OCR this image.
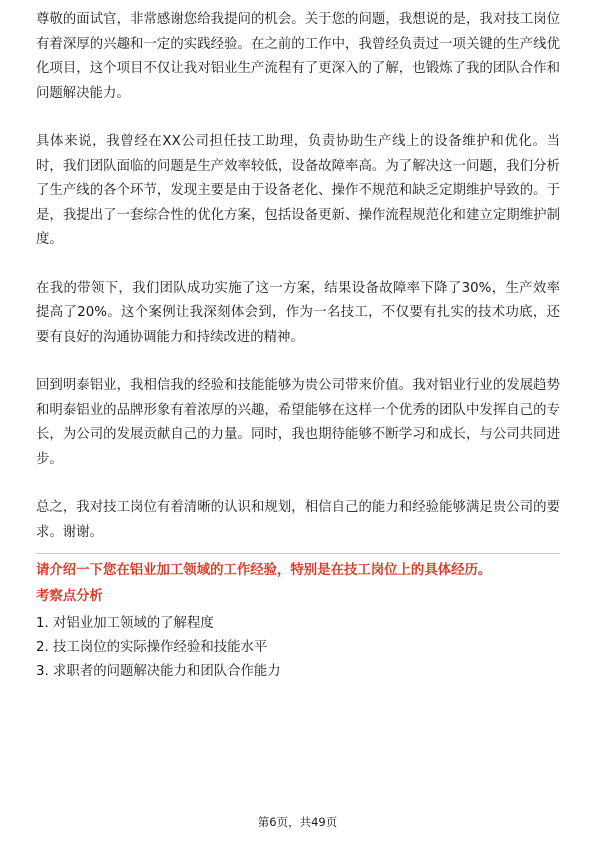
尊敬的面试官，非常感谢您给我提问的机会。关于您的问题，我想说的是，我对技工岗位有着深厚的兴趣和一定的实践经验。在之前的工作中，我曾经负责过一项关键的生产线优化项目，这个项目不仅让我对铝业生产流程有了更深入的了解，也锻炼了我的团队合作和问题解决能力。

具体来说，我曾经在XX公司担任技工助理，负责协助生产线上的设备维护和优化。当时，我们团队面临的问题是生产效率较低，设备故障率高。为了解决这一问题，我们分析了生产线的各个环节，发现主要是由于设备老化、操作不规范和缺乏定期维护导致的。于是，我提出了一套综合性的优化方案，包括设备更新、操作流程规范化和建立定期维护制度。

在我的带领下，我们团队成功实施了这一方案，结果设备故障率下降了30%，生产效率提高了20%。这个案例让我深刻体会到，作为一名技工，不仅要有扎实的技术功底，还要有良好的沟通协调能力和持续改进的精神。

回到明泰铝业，我相信我的经验和技能能够为贵公司带来价值。我对铝业行业的发展趋势和明泰铝业的品牌形象有着浓厚的兴趣，希望能够在这样一个优秀的团队中发挥自己的专长，为公司的发展贡献自己的力量。同时，我也期待能够不断学习和成长，与公司共同进步。

总之，我对技工岗位有着清晰的认识和规划，相信自己的能力和经验能够满足贵公司的要求。谢谢。

请介绍一下您在铝业加工领域的工作经验，特别是在技工岗位上的具体经历。

考察点分析

1. 对铝业加工领域的了解程度
2. 技工岗位的实际操作经验和技能水平
3. 求职者的问题解决能力和团队合作能力
第6页，共49页
